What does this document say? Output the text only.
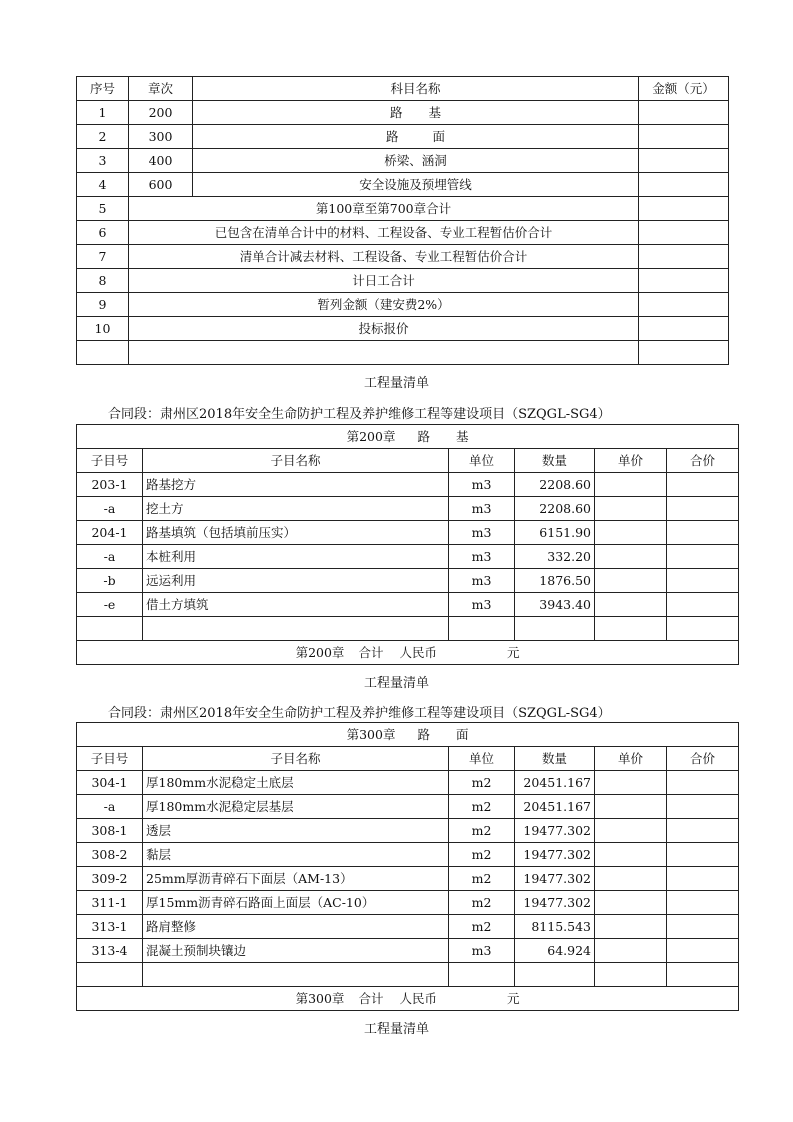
序号	章次	科目名称	金额（元）
1	200	路 基	
2	300	路 面	
3	400	桥梁、涵洞	
4	600	安全设施及预埋管线	
5	第100章至第700章合计		
6	已包含在清单合计中的材料、工程设备、专业工程暂估价合计		
7	清单合计减去材料、工程设备、专业工程暂估价合计		
8	计日工合计		
9	暂列金额（建安费2%）		
10	投标报价		

工程量清单
合同段：肃州区2018年安全生命防护工程及养护维修工程等建设项目（SZQGL-SG4）
第200章 路 基					
子目号	子目名称	单位	数量	单价	合价
203-1	路基挖方	m3	2208.60		
-a	挖土方	m3	2208.60		
204-1	路基填筑（包括填前压实）	m3	6151.90		
-a	本桩利用	m3	332.20		
-b	远运利用	m3	1876.50		
-e	借土方填筑	m3	3943.40		

第200章 合计 人民币 元					
工程量清单
合同段：肃州区2018年安全生命防护工程及养护维修工程等建设项目（SZQGL-SG4）
第300章 路 面					
子目号	子目名称	单位	数量	单价	合价
304-1	厚180mm水泥稳定土底层	m2	20451.167		
-a	厚180mm水泥稳定层基层	m2	20451.167		
308-1	透层	m2	19477.302		
308-2	黏层	m2	19477.302		
309-2	25mm厚沥青碎石下面层（AM-13）	m2	19477.302		
311-1	厚15mm沥青碎石路面上面层（AC-10）	m2	19477.302		
313-1	路肩整修	m2	8115.543		
313-4	混凝土预制块镶边	m3	64.924		

第300章 合计 人民币 元					
工程量清单
